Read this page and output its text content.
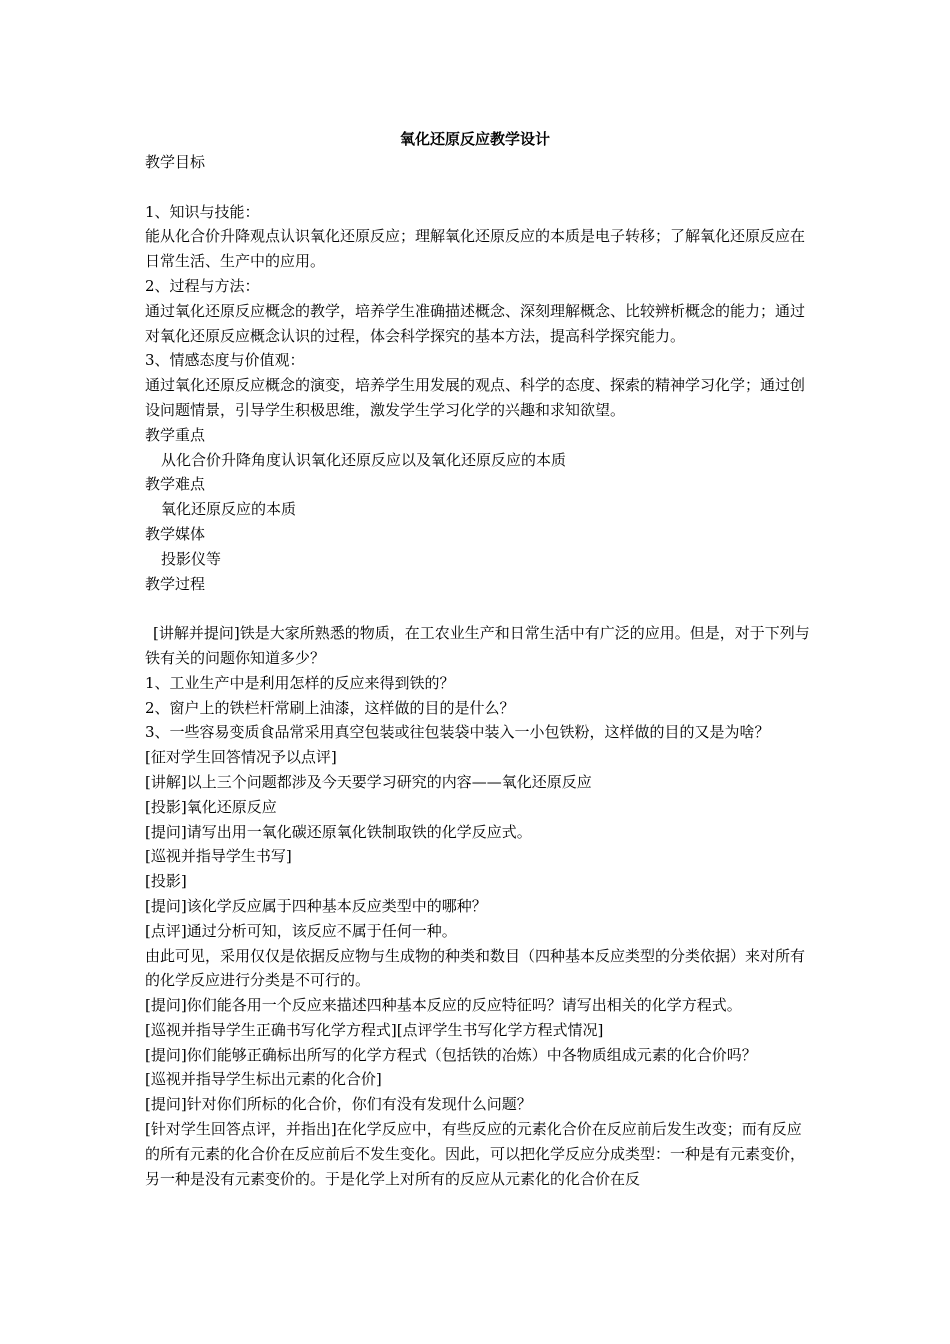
氧化还原反应教学设计

教学目标

1、知识与技能：

能从化合价升降观点认识氧化还原反应；理解氧化还原反应的本质是电子转移；了解氧化还原反应在日常生活、生产中的应用。

2、过程与方法：

通过氧化还原反应概念的教学，培养学生准确描述概念、深刻理解概念、比较辨析概念的能力；通过对氧化还原反应概念认识的过程，体会科学探究的基本方法，提高科学探究能力。

3、情感态度与价值观：

通过氧化还原反应概念的演变，培养学生用发展的观点、科学的态度、探索的精神学习化学；通过创设问题情景，引导学生积极思维，激发学生学习化学的兴趣和求知欲望。

教学重点

从化合价升降角度认识氧化还原反应以及氧化还原反应的本质

教学难点

氧化还原反应的本质

教学媒体

投影仪等

教学过程

[讲解并提问]铁是大家所熟悉的物质，在工农业生产和日常生活中有广泛的应用。但是，对于下列与铁有关的问题你知道多少？

1、工业生产中是利用怎样的反应来得到铁的？

2、窗户上的铁栏杆常刷上油漆，这样做的目的是什么？

3、一些容易变质食品常采用真空包装或往包装袋中装入一小包铁粉，这样做的目的又是为啥？

[征对学生回答情况予以点评]

[讲解]以上三个问题都涉及今天要学习研究的内容——氧化还原反应

[投影]氧化还原反应

[提问]请写出用一氧化碳还原氧化铁制取铁的化学反应式。

[巡视并指导学生书写]

[投影]

[提问]该化学反应属于四种基本反应类型中的哪种？

[点评]通过分析可知，该反应不属于任何一种。

由此可见，采用仅仅是依据反应物与生成物的种类和数目（四种基本反应类型的分类依据）来对所有的化学反应进行分类是不可行的。

[提问]你们能各用一个反应来描述四种基本反应的反应特征吗？请写出相关的化学方程式。

[巡视并指导学生正确书写化学方程式][点评学生书写化学方程式情况]

[提问]你们能够正确标出所写的化学方程式（包括铁的冶炼）中各物质组成元素的化合价吗？

[巡视并指导学生标出元素的化合价]

[提问]针对你们所标的化合价，你们有没有发现什么问题？

[针对学生回答点评，并指出]在化学反应中，有些反应的元素化合价在反应前后发生改变；而有反应的所有元素的化合价在反应前后不发生变化。因此，可以把化学反应分成类型：一种是有元素变价，另一种是没有元素变价的。于是化学上对所有的反应从元素化的化合价在反
